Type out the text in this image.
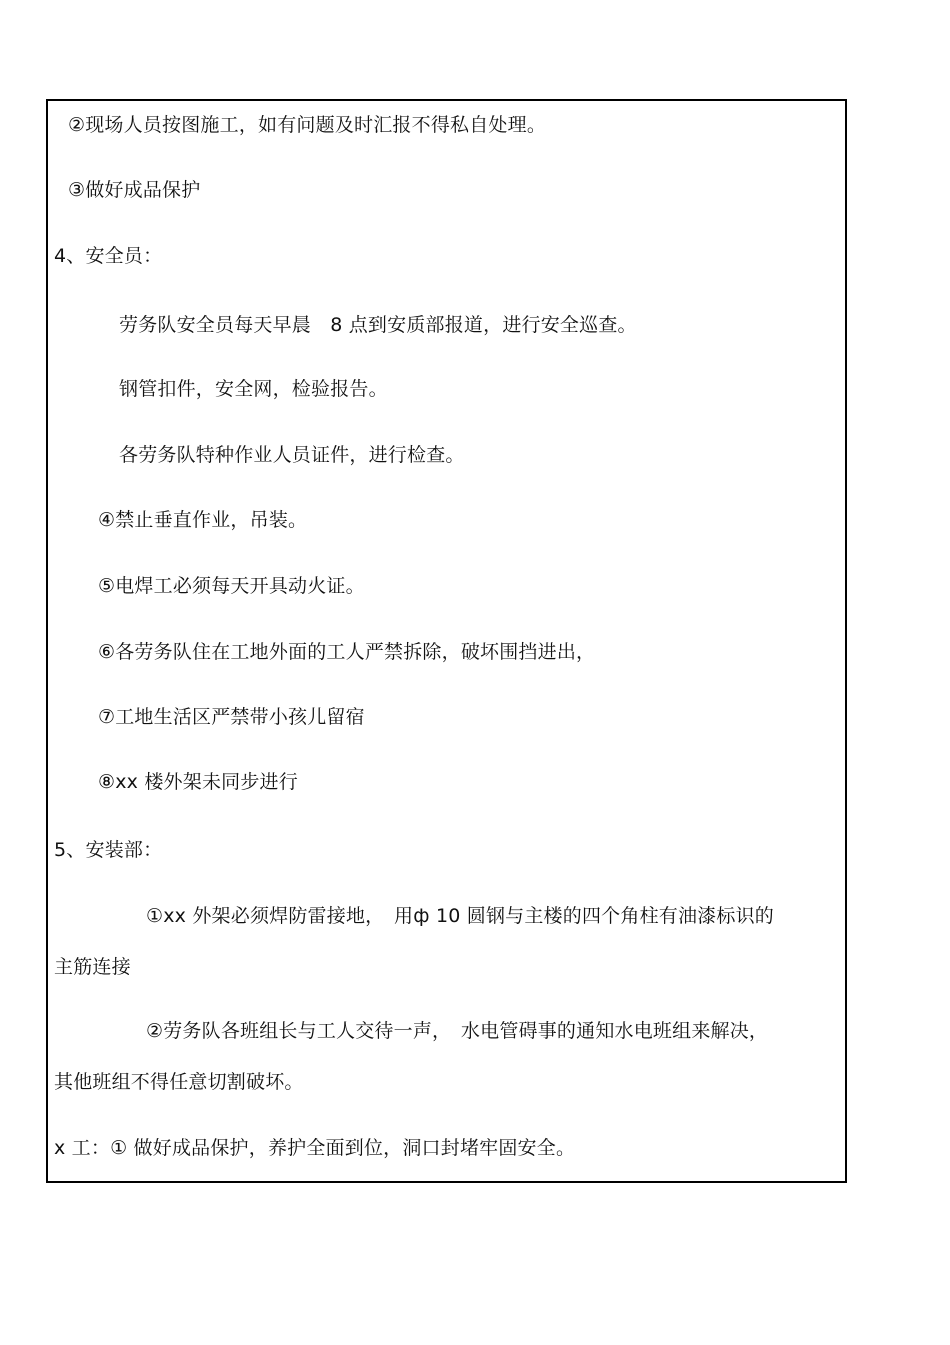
②现场人员按图施工，如有问题及时汇报不得私自处理。
③做好成品保护
4、安全员：
劳务队安全员每天早晨　8 点到安质部报道，进行安全巡查。
钢管扣件，安全网，检验报告。
各劳务队特种作业人员证件，进行检查。
④禁止垂直作业，吊装。
⑤电焊工必须每天开具动火证。
⑥各劳务队住在工地外面的工人严禁拆除，破坏围挡进出，
⑦工地生活区严禁带小孩儿留宿
⑧xx 楼外架未同步进行
5、安装部：
①xx 外架必须焊防雷接地，　用ф 10 圆钢与主楼的四个角柱有油漆标识的
主筋连接
②劳务队各班组长与工人交待一声，　水电管碍事的通知水电班组来解决，
其他班组不得任意切割破坏。
x 工：① 做好成品保护，养护全面到位，洞口封堵牢固安全。
